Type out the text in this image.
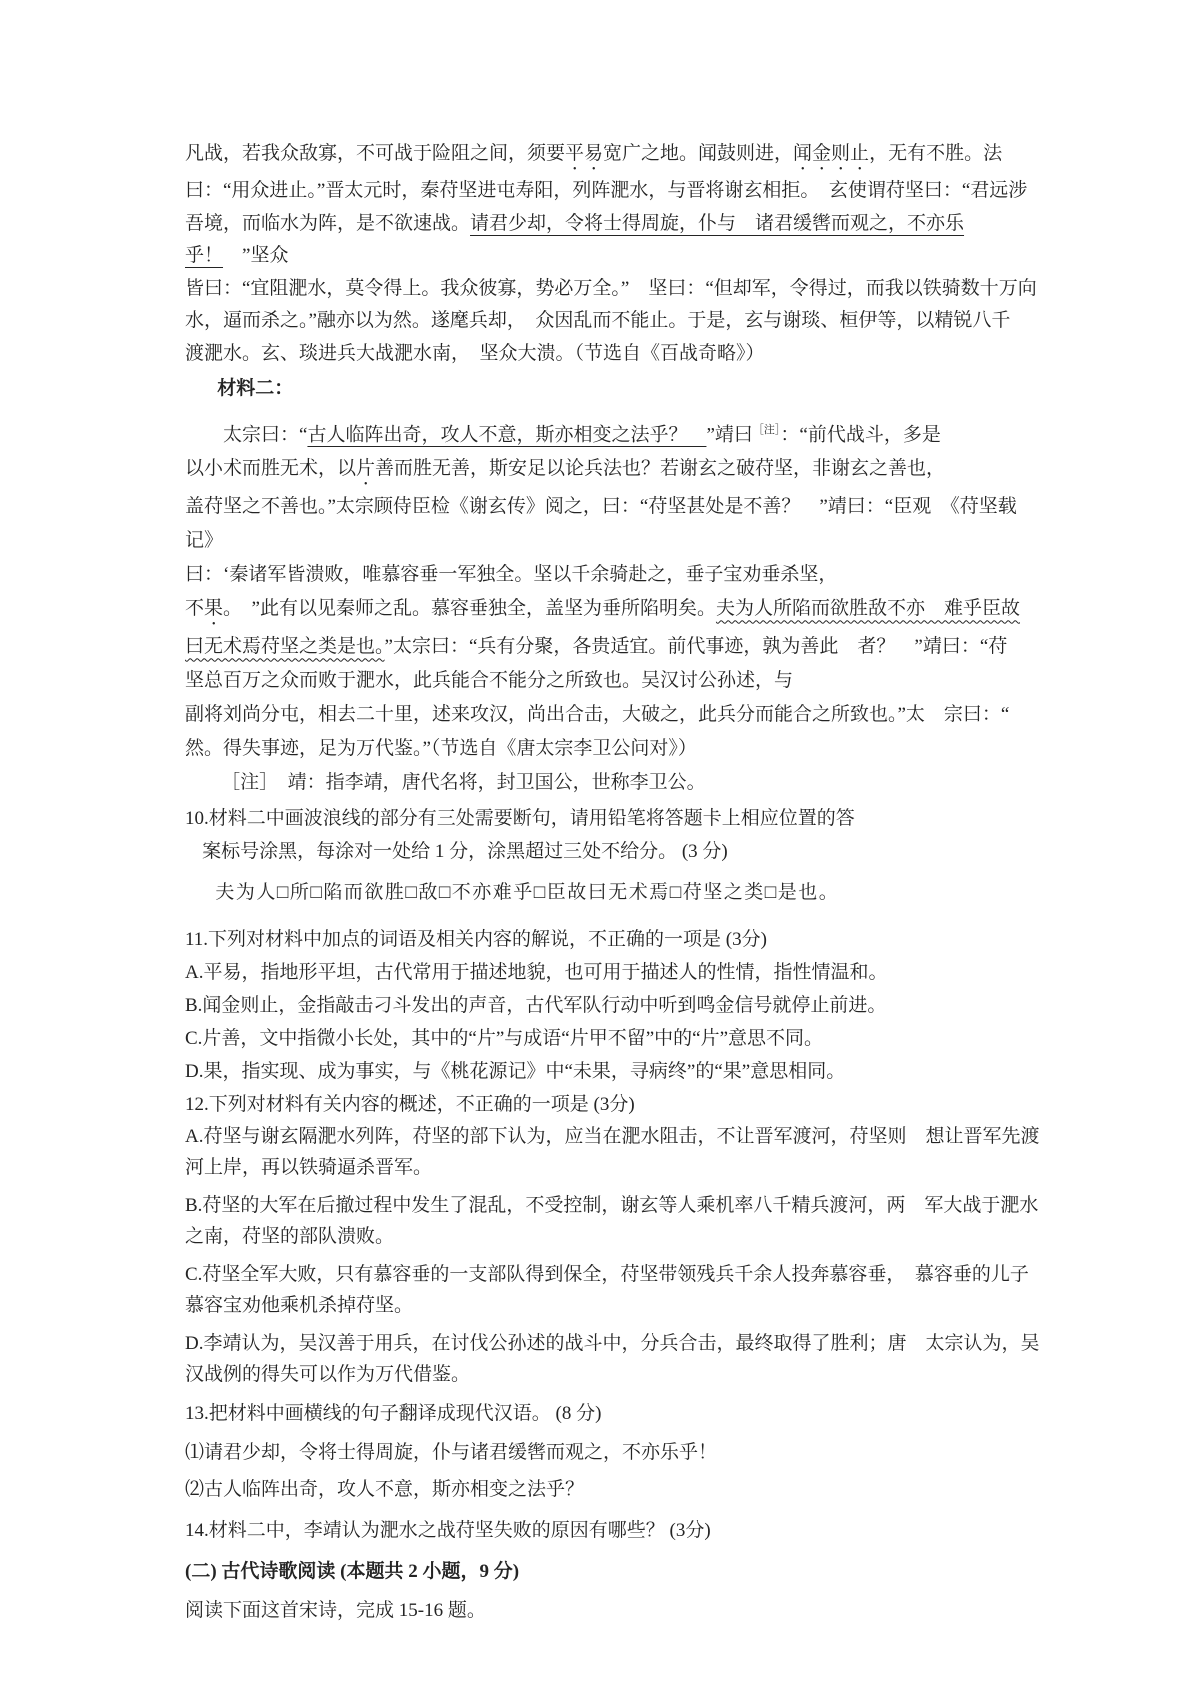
凡战，若我众敌寡，不可战于险阻之间，须要平易宽广之地。闻鼓则进，闻金则止，无有不胜。法
曰：“用众进止。”晋太元时，秦苻坚进屯寿阳，列阵淝水，与晋将谢玄相拒。　玄使谓苻坚曰：“君远涉
吾境，而临水为阵，是不欲速战。请君少却，令将士得周旋，仆与　诸君缓辔而观之，不亦乐乎！　”坚众
皆曰：“宜阻淝水，莫令得上。我众彼寡，势必万全。”　坚曰：“但却军，令得过，而我以铁骑数十万向
水，逼而杀之。”融亦以为然。遂麾兵却，　众因乱而不能止。于是，玄与谢琰、桓伊等，以精锐八千
渡淝水。玄、琰进兵大战淝水南，　坚众大溃。（节选自《百战奇略》）
材料二：
太宗曰：“古人临阵出奇，攻人不意，斯亦相变之法乎？　”靖曰$^{[注]}$：“前代战斗，多是
以小术而胜无术，以片善而胜无善，斯安足以论兵法也？若谢玄之破苻坚，非谢玄之善也，
盖苻坚之不善也。”太宗顾侍臣检《谢玄传》阅之，曰：“苻坚甚处是不善？　”靖曰：“臣观　《苻坚载记》
曰：‘秦诸军皆溃败，唯慕容垂一军独全。坚以千余骑赴之，垂子宝劝垂杀坚，
不果。　”此有以见秦师之乱。慕容垂独全，盖坚为垂所陷明矣。夫为人所陷而欲胜敌不亦　难乎臣故
曰无术焉苻坚之类是也。”太宗曰：“兵有分聚，各贵适宜。前代事迹，孰为善此　者？　”靖曰：“苻
坚总百万之众而败于淝水，此兵能合不能分之所致也。吴汉讨公孙述，与
副将刘尚分屯，相去二十里，述来攻汉，尚出合击，大破之，此兵分而能合之所致也。”太　宗曰：“
然。得失事迹，足为万代鉴。”（节选自《唐太宗李卫公问对》）
［注］　靖：指李靖，唐代名将，封卫国公，世称李卫公。
10.材料二中画波浪线的部分有三处需要断句，请用铅笔将答题卡上相应位置的答
案标号涂黑，每涂对一处给 1 分，涂黑超过三处不给分。 (3 分)
夫为人□所□陷而欲胜□敌□不亦难乎□臣故曰无术焉□苻坚之类□是也。
11.下列对材料中加点的词语及相关内容的解说，不正确的一项是 (3分)
A.平易，指地形平坦，古代常用于描述地貌，也可用于描述人的性情，指性情温和。
B.闻金则止，金指敲击刁斗发出的声音，古代军队行动中听到鸣金信号就停止前进。
C.片善，文中指微小长处，其中的“片”与成语“片甲不留”中的“片”意思不同。
D.果，指实现、成为事实，与《桃花源记》中“未果，寻病终”的“果”意思相同。
12.下列对材料有关内容的概述，不正确的一项是 (3分)
A.苻坚与谢玄隔淝水列阵，苻坚的部下认为，应当在淝水阻击，不让晋军渡河，苻坚则　想让晋军先渡河上岸，再以铁骑逼杀晋军。
B.苻坚的大军在后撤过程中发生了混乱，不受控制，谢玄等人乘机率八千精兵渡河，两　军大战于淝水之南，苻坚的部队溃败。
C.苻坚全军大败，只有慕容垂的一支部队得到保全，苻坚带领残兵千余人投奔慕容垂，　慕容垂的儿子慕容宝劝他乘机杀掉苻坚。
D.李靖认为，吴汉善于用兵，在讨伐公孙述的战斗中，分兵合击，最终取得了胜利；唐　太宗认为，吴汉战例的得失可以作为万代借鉴。
13.把材料中画横线的句子翻译成现代汉语。 (8 分)
⑴请君少却，令将士得周旋，仆与诸君缓辔而观之，不亦乐乎！
⑵古人临阵出奇，攻人不意，斯亦相变之法乎？
14.材料二中，李靖认为淝水之战苻坚失败的原因有哪些？ (3分)
(二) 古代诗歌阅读 (本题共 2 小题，9 分)
阅读下面这首宋诗，完成 15-16 题。
